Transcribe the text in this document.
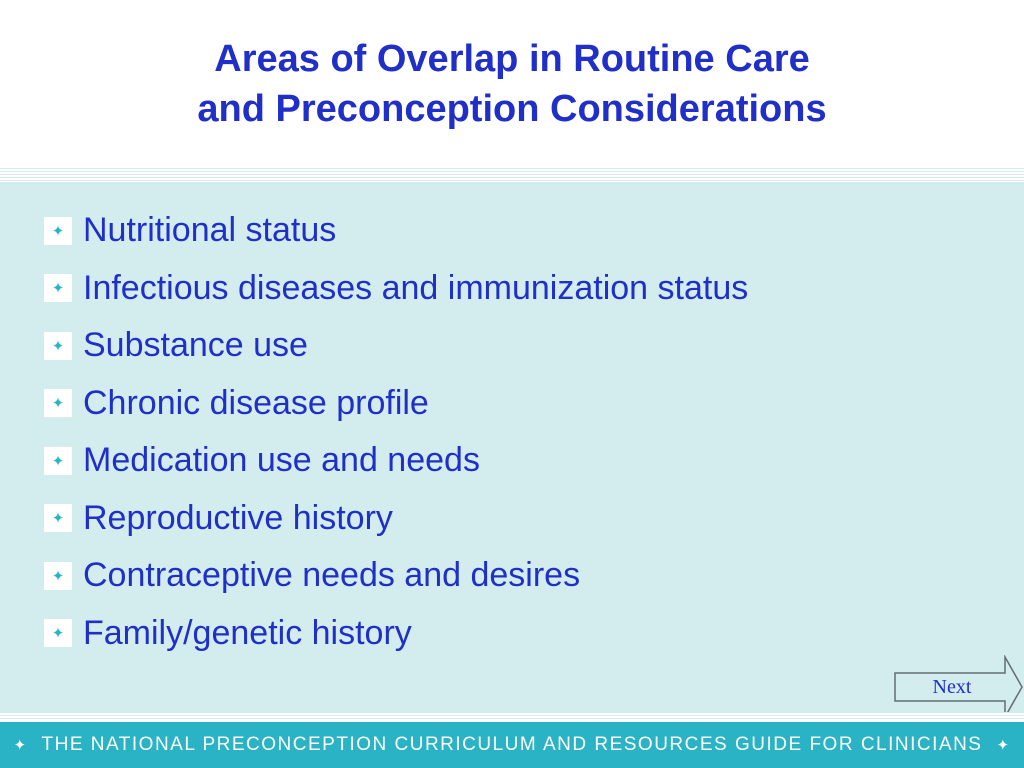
Areas of Overlap in Routine Care
and Preconception Considerations
✦ Nutritional status
✦ Infectious diseases and immunization status
✦ Substance use
✦ Chronic disease profile
✦ Medication use and needs
✦ Reproductive history
✦ Contraceptive needs and desires
✦ Family/genetic history
Next
✦ THE NATIONAL PRECONCEPTION CURRICULUM AND RESOURCES GUIDE FOR CLINICIANS ✦
